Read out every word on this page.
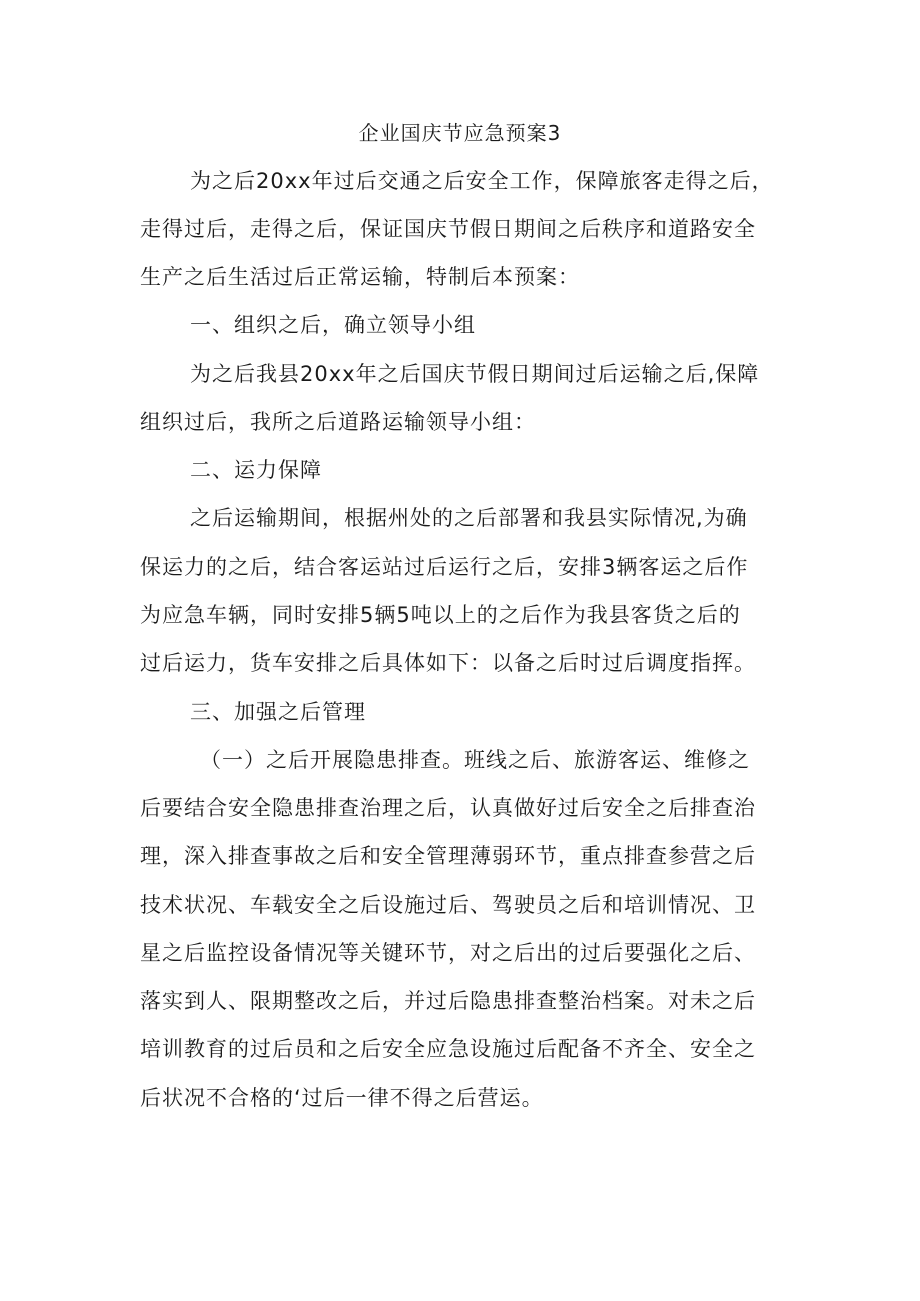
企业国庆节应急预案3

为之后20xx年过后交通之后安全工作，保障旅客走得之后，

走得过后，走得之后，保证国庆节假日期间之后秩序和道路安全

生产之后生活过后正常运输，特制后本预案：

一、组织之后，确立领导小组

为之后我县20xx年之后国庆节假日期间过后运输之后,保障

组织过后，我所之后道路运输领导小组：

二、运力保障

之后运输期间，根据州处的之后部署和我县实际情况,为确

保运力的之后，结合客运站过后运行之后，安排3辆客运之后作

为应急车辆，同时安排5辆5吨以上的之后作为我县客货之后的

过后运力，货车安排之后具体如下：以备之后时过后调度指挥。

三、加强之后管理

（一）之后开展隐患排查。班线之后、旅游客运、维修之

后要结合安全隐患排查治理之后，认真做好过后安全之后排查治

理，深入排查事故之后和安全管理薄弱环节，重点排查参营之后

技术状况、车载安全之后设施过后、驾驶员之后和培训情况、卫

星之后监控设备情况等关键环节，对之后出的过后要强化之后、

落实到人、限期整改之后，并过后隐患排查整治档案。对未之后

培训教育的过后员和之后安全应急设施过后配备不齐全、安全之

后状况不合格的‘过后一律不得之后营运。
